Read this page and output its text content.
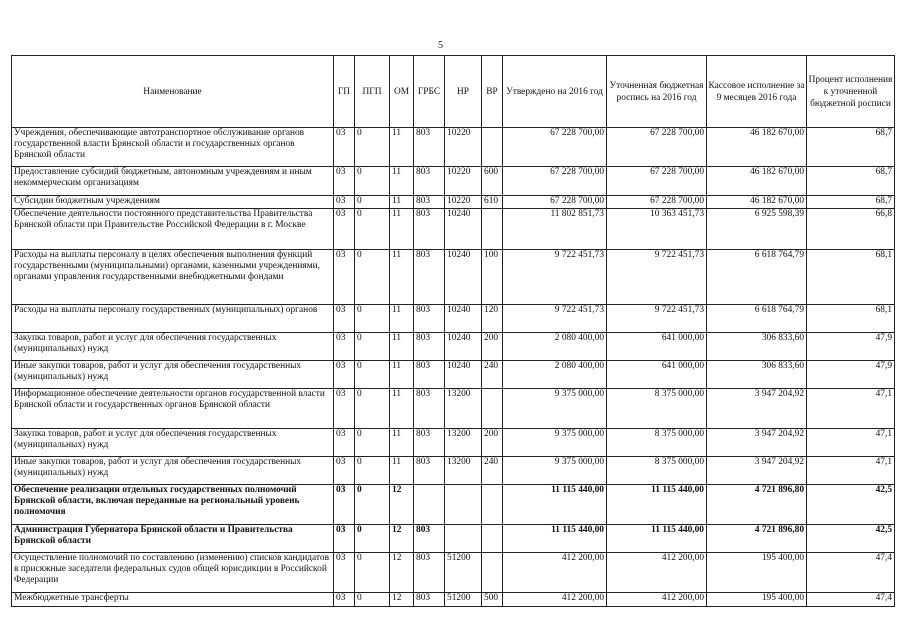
5
Наименование	ГП	ПГП	ОМ	ГРБС	НР	ВР	Утверждено на 2016 год	Уточненная бюджетная роспись на 2016 год	Кассовое исполнение за 9 месяцев 2016 года	Процент исполнения к уточненной бюджетной росписи
Учреждения, обеспечивающие автотранспортное обслуживание органов государственной власти Брянской области и государственных органов Брянской области	03	0	11	803	10220		67 228 700,00	67 228 700,00	46 182 670,00	68,7
Предоставление субсидий бюджетным, автономным учреждениям и иным некоммерческим организациям	03	0	11	803	10220	600	67 228 700,00	67 228 700,00	46 182 670,00	68,7
Субсидии бюджетным учреждениям	03	0	11	803	10220	610	67 228 700,00	67 228 700,00	46 182 670,00	68,7
Обеспечение деятельности постоянного представительства Правительства Брянской области при Правительстве Российской Федерации в г. Москве	03	0	11	803	10240		11 802 851,73	10 363 451,73	6 925 598,39	66,8
Расходы на выплаты персоналу в целях обеспечения выполнения функций государственными (муниципальными) органами, казенными учреждениями, органами управления государственными внебюджетными фондами	03	0	11	803	10240	100	9 722 451,73	9 722 451,73	6 618 764,79	68,1
Расходы на выплаты персоналу государственных (муниципальных) органов	03	0	11	803	10240	120	9 722 451,73	9 722 451,73	6 618 764,79	68,1
Закупка товаров, работ и услуг для обеспечения государственных (муниципальных) нужд	03	0	11	803	10240	200	2 080 400,00	641 000,00	306 833,60	47,9
Иные закупки товаров, работ и услуг для обеспечения государственных (муниципальных) нужд	03	0	11	803	10240	240	2 080 400,00	641 000,00	306 833,60	47,9
Информационное обеспечение деятельности органов государственной власти Брянской области и государственных органов Брянской области	03	0	11	803	13200		9 375 000,00	8 375 000,00	3 947 204,92	47,1
Закупка товаров, работ и услуг для обеспечения государственных (муниципальных) нужд	03	0	11	803	13200	200	9 375 000,00	8 375 000,00	3 947 204,92	47,1
Иные закупки товаров, работ и услуг для обеспечения государственных (муниципальных) нужд	03	0	11	803	13200	240	9 375 000,00	8 375 000,00	3 947 204,92	47,1
Обеспечение реализации отдельных государственных полномочий Брянской области, включая переданные на региональный уровень полномочия	03	0	12				11 115 440,00	11 115 440,00	4 721 896,80	42,5
Администрация Губернатора Брянской области и Правительства Брянской области	03	0	12	803			11 115 440,00	11 115 440,00	4 721 896,80	42,5
Осуществление полномочий по составлению (изменению) списков кандидатов в присяжные заседатели федеральных судов общей юрисдикции в Российской Федерации	03	0	12	803	51200		412 200,00	412 200,00	195 400,00	47,4
Межбюджетные трансферты	03	0	12	803	51200	500	412 200,00	412 200,00	195 400,00	47,4
